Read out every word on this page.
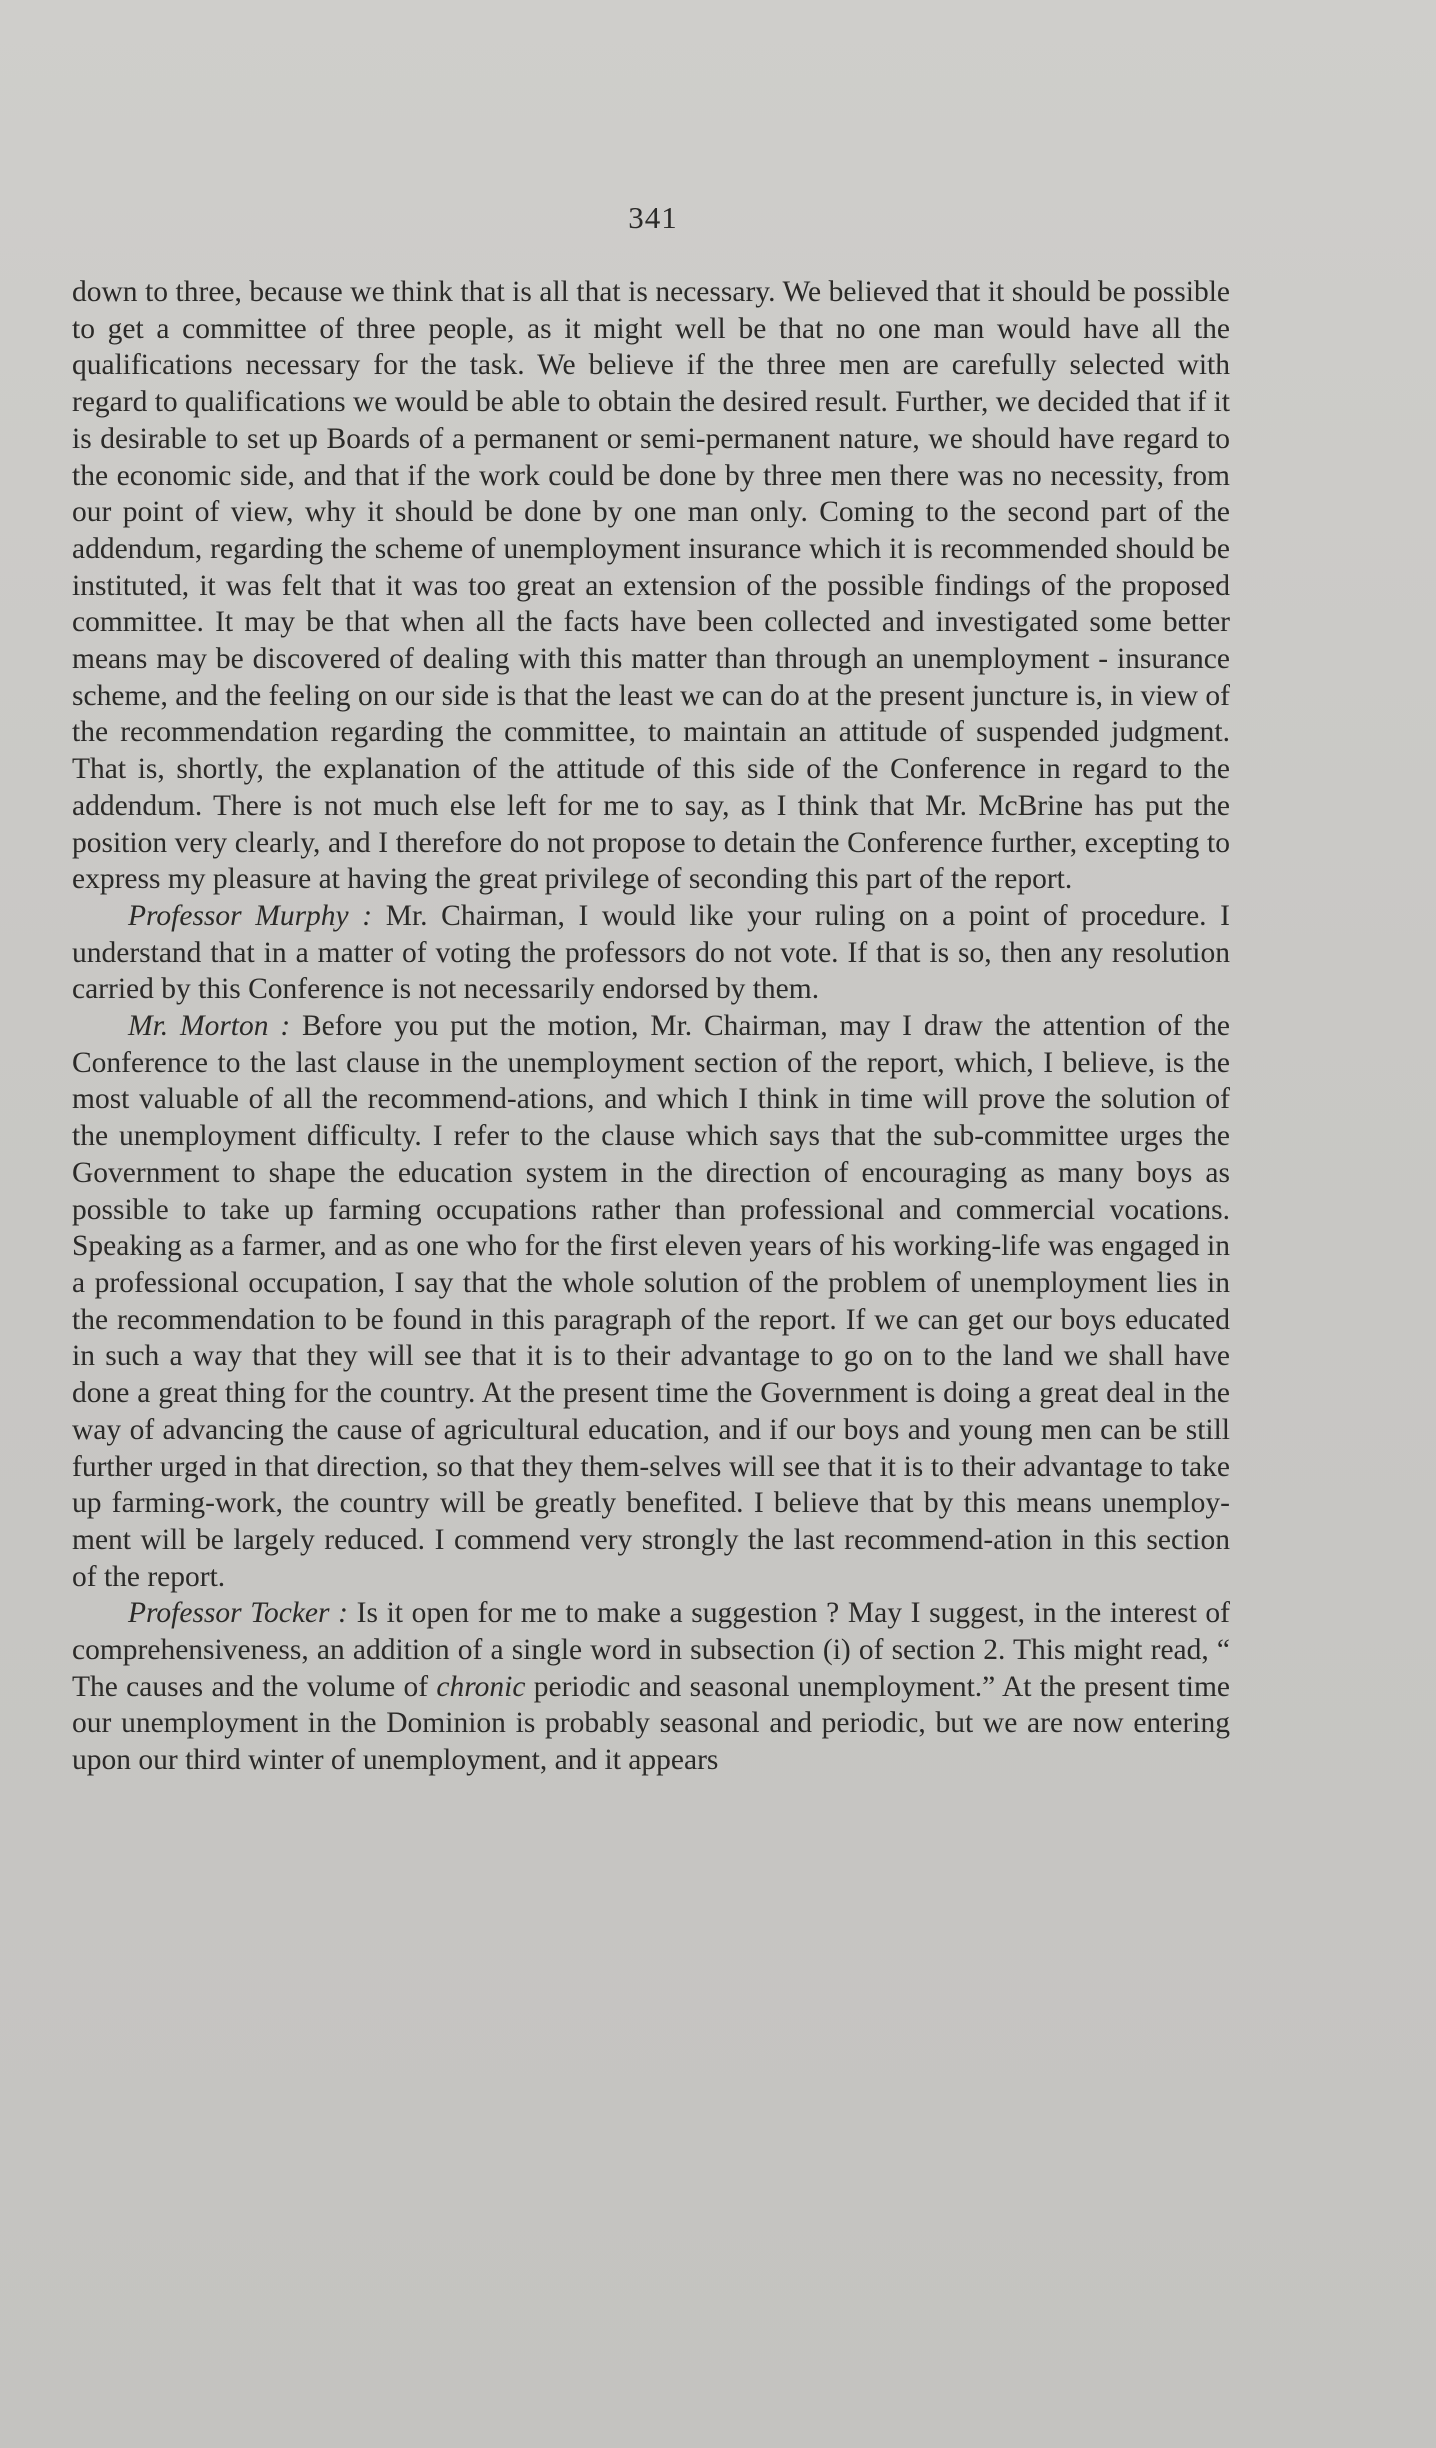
341

down to three, because we think that is all that is necessary. We believed that it should be possible to get a committee of three people, as it might well be that no one man would have all the qualifications necessary for the task. We believe if the three men are carefully selected with regard to qualifications we would be able to obtain the desired result. Further, we decided that if it is desirable to set up Boards of a permanent or semi-permanent nature, we should have regard to the economic side, and that if the work could be done by three men there was no necessity, from our point of view, why it should be done by one man only. Coming to the second part of the addendum, regarding the scheme of unemployment insurance which it is recommended should be instituted, it was felt that it was too great an extension of the possible findings of the proposed committee. It may be that when all the facts have been collected and investigated some better means may be discovered of dealing with this matter than through an unemployment - insurance scheme, and the feeling on our side is that the least we can do at the present juncture is, in view of the recommendation regarding the committee, to maintain an attitude of suspended judgment. That is, shortly, the explanation of the attitude of this side of the Conference in regard to the addendum. There is not much else left for me to say, as I think that Mr. McBrine has put the position very clearly, and I therefore do not propose to detain the Conference further, excepting to express my pleasure at having the great privilege of seconding this part of the report.

Professor Murphy : Mr. Chairman, I would like your ruling on a point of procedure. I understand that in a matter of voting the professors do not vote. If that is so, then any resolution carried by this Conference is not necessarily endorsed by them.

Mr. Morton : Before you put the motion, Mr. Chairman, may I draw the attention of the Conference to the last clause in the unemployment section of the report, which, I believe, is the most valuable of all the recommend-ations, and which I think in time will prove the solution of the unemployment difficulty. I refer to the clause which says that the sub-committee urges the Government to shape the education system in the direction of encouraging as many boys as possible to take up farming occupations rather than professional and commercial vocations. Speaking as a farmer, and as one who for the first eleven years of his working-life was engaged in a professional occupation, I say that the whole solution of the problem of unemployment lies in the recommendation to be found in this paragraph of the report. If we can get our boys educated in such a way that they will see that it is to their advantage to go on to the land we shall have done a great thing for the country. At the present time the Government is doing a great deal in the way of advancing the cause of agricultural education, and if our boys and young men can be still further urged in that direction, so that they them-selves will see that it is to their advantage to take up farming-work, the country will be greatly benefited. I believe that by this means unemploy-ment will be largely reduced. I commend very strongly the last recommend-ation in this section of the report.

Professor Tocker : Is it open for me to make a suggestion ? May I suggest, in the interest of comprehensiveness, an addition of a single word in subsection (i) of section 2. This might read, “ The causes and the volume of chronic periodic and seasonal unemployment.” At the present time our unemployment in the Dominion is probably seasonal and periodic, but we are now entering upon our third winter of unemployment, and it appears
